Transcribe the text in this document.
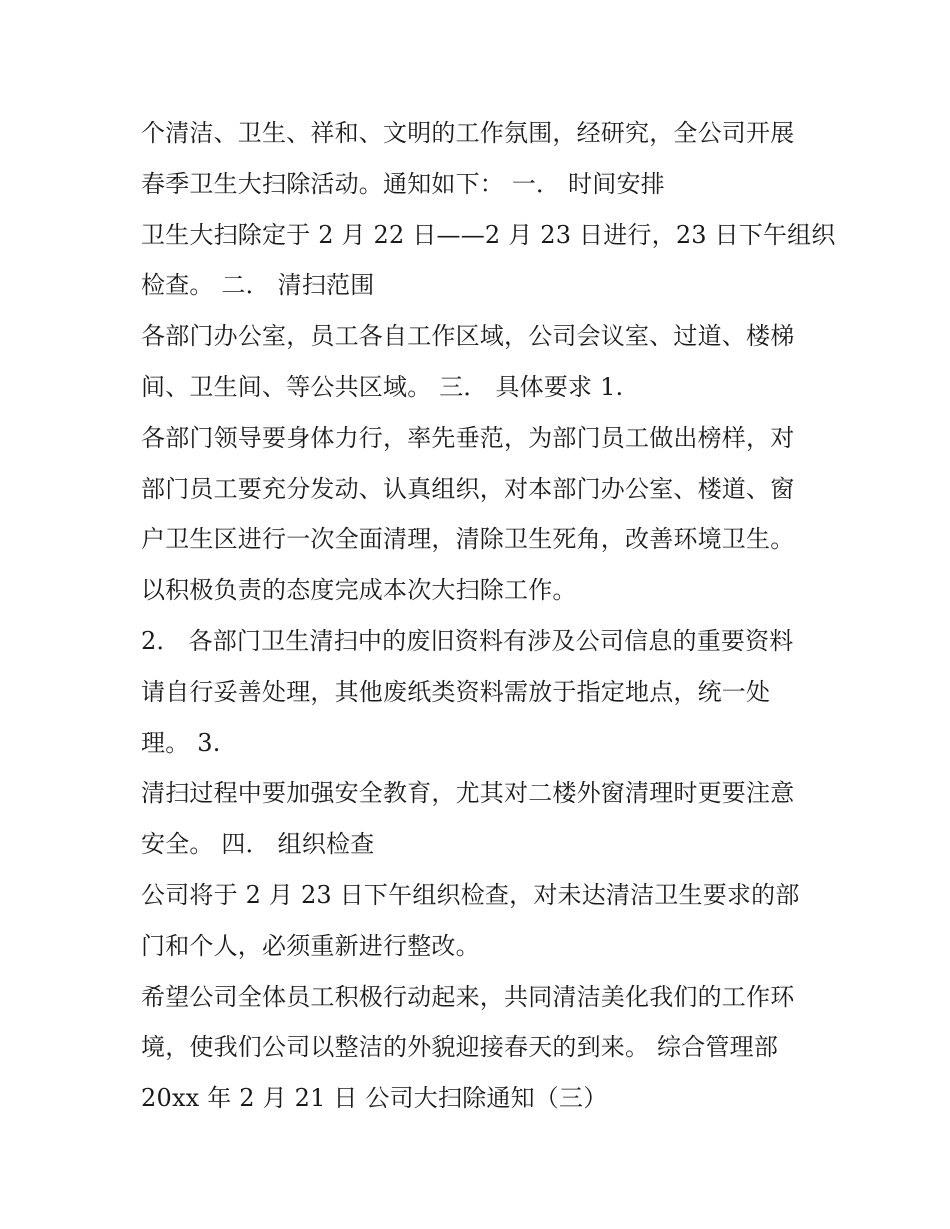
个清洁、卫生、祥和、文明的工作氛围，经研究，全公司开展
春季卫生大扫除活动。通知如下： 一． 时间安排
卫生大扫除定于 2 月 22 日——2 月 23 日进行，23 日下午组织
检查。 二． 清扫范围
各部门办公室，员工各自工作区域，公司会议室、过道、楼梯
间、卫生间、等公共区域。 三． 具体要求 1.
各部门领导要身体力行，率先垂范，为部门员工做出榜样，对
部门员工要充分发动、认真组织，对本部门办公室、楼道、窗
户卫生区进行一次全面清理，清除卫生死角，改善环境卫生。
以积极负责的态度完成本次大扫除工作。
2． 各部门卫生清扫中的废旧资料有涉及公司信息的重要资料
请自行妥善处理，其他废纸类资料需放于指定地点，统一处
理。 3.
清扫过程中要加强安全教育，尤其对二楼外窗清理时更要注意
安全。 四． 组织检查
公司将于 2 月 23 日下午组织检查，对未达清洁卫生要求的部
门和个人，必须重新进行整改。
希望公司全体员工积极行动起来，共同清洁美化我们的工作环
境，使我们公司以整洁的外貌迎接春天的到来。 综合管理部
20xx 年 2 月 21 日 公司大扫除通知（三）
